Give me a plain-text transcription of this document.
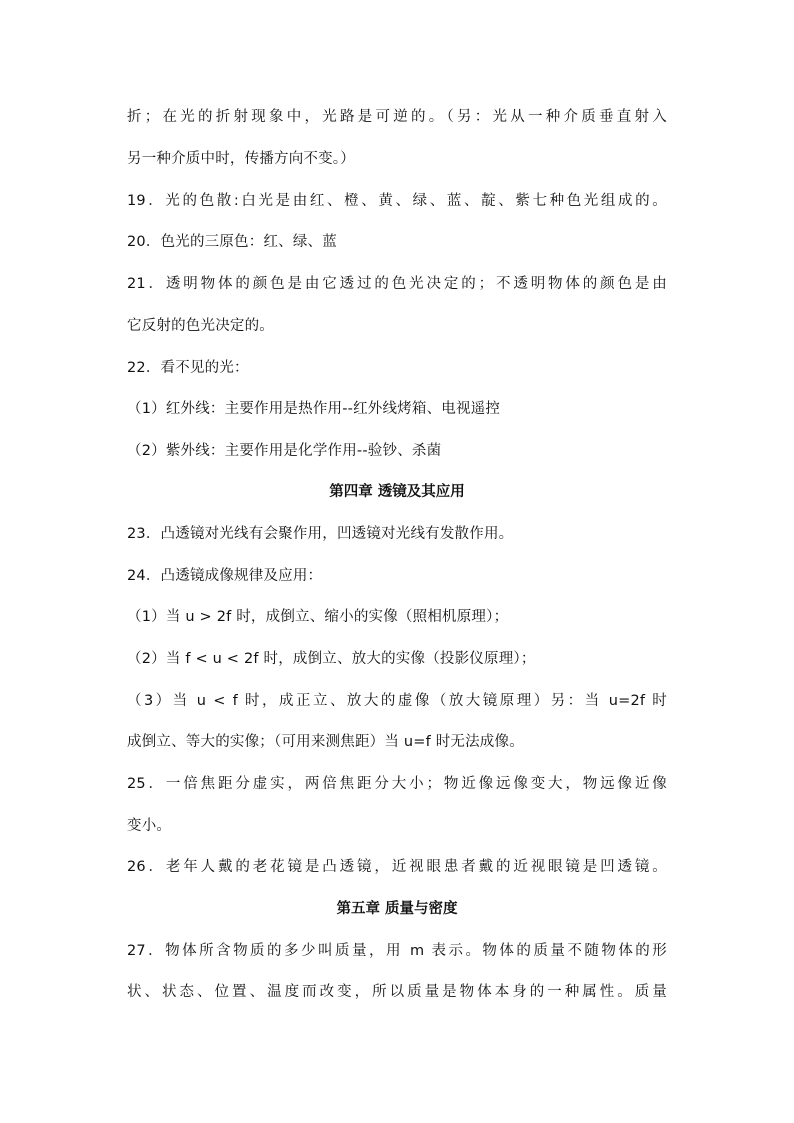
折；在光的折射现象中，光路是可逆的。（另：光从一种介质垂直射入
另一种介质中时，传播方向不变。）
19．光的色散:白光是由红、橙、黄、绿、蓝、靛、紫七种色光组成的。
20．色光的三原色：红、绿、蓝
21．透明物体的颜色是由它透过的色光决定的；不透明物体的颜色是由
它反射的色光决定的。
22．看不见的光：
（1）红外线：主要作用是热作用--红外线烤箱、电视遥控
（2）紫外线：主要作用是化学作用--验钞、杀菌
第四章 透镜及其应用
23．凸透镜对光线有会聚作用，凹透镜对光线有发散作用。
24．凸透镜成像规律及应用：
（1）当 u > 2f 时，成倒立、缩小的实像（照相机原理）；
（2）当 f < u < 2f 时，成倒立、放大的实像（投影仪原理）；
（3）当 u < f 时，成正立、放大的虚像（放大镜原理）另：当 u=2f 时
成倒立、等大的实像；（可用来测焦距）当 u=f 时无法成像。
25．一倍焦距分虚实，两倍焦距分大小；物近像远像变大，物远像近像
变小。
26．老年人戴的老花镜是凸透镜，近视眼患者戴的近视眼镜是凹透镜。
第五章 质量与密度
27．物体所含物质的多少叫质量，用 m 表示。物体的质量不随物体的形
状、状态、位置、温度而改变，所以质量是物体本身的一种属性。质量
